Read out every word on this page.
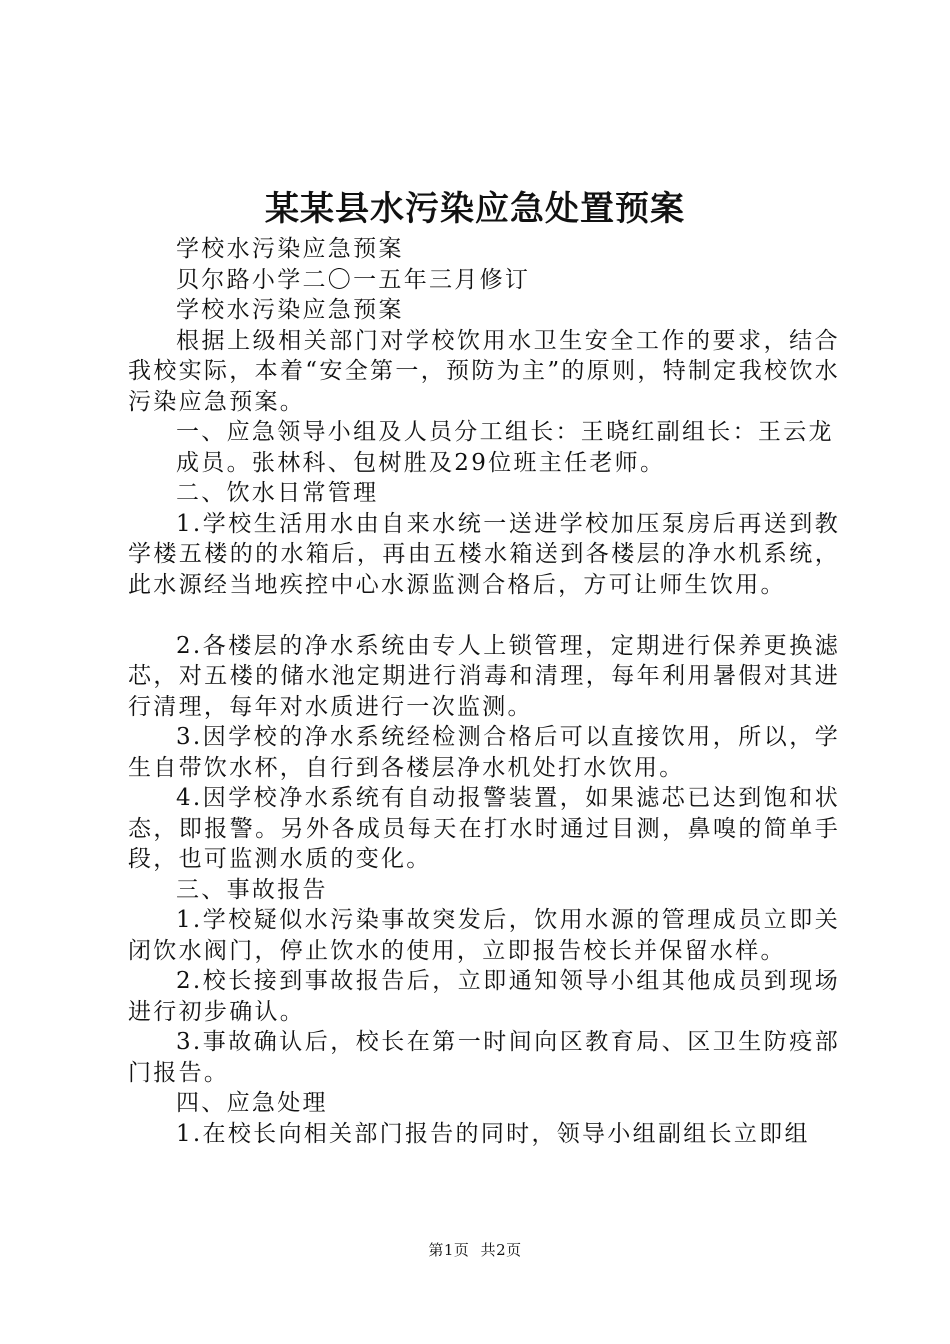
某某县水污染应急处置预案

学校水污染应急预案

贝尔路小学二〇一五年三月修订

学校水污染应急预案

根据上级相关部门对学校饮用水卫生安全工作的要求，结合我校实际，本着“安全第一，预防为主”的原则，特制定我校饮水污染应急预案。

一、应急领导小组及人员分工组长：王晓红副组长：王云龙

成员。张林科、包树胜及29位班主任老师。

二、饮水日常管理

1.学校生活用水由自来水统一送进学校加压泵房后再送到教学楼五楼的的水箱后，再由五楼水箱送到各楼层的净水机系统，此水源经当地疾控中心水源监测合格后，方可让师生饮用。

2.各楼层的净水系统由专人上锁管理，定期进行保养更换滤芯，对五楼的储水池定期进行消毒和清理，每年利用暑假对其进行清理，每年对水质进行一次监测。

3.因学校的净水系统经检测合格后可以直接饮用，所以，学生自带饮水杯，自行到各楼层净水机处打水饮用。

4.因学校净水系统有自动报警装置，如果滤芯已达到饱和状态，即报警。另外各成员每天在打水时通过目测，鼻嗅的简单手段，也可监测水质的变化。

三、事故报告

1.学校疑似水污染事故突发后，饮用水源的管理成员立即关闭饮水阀门，停止饮水的使用，立即报告校长并保留水样。

2.校长接到事故报告后，立即通知领导小组其他成员到现场进行初步确认。

3.事故确认后，校长在第一时间向区教育局、区卫生防疫部门报告。

四、应急处理

1.在校长向相关部门报告的同时，领导小组副组长立即组

第1页 共2页
